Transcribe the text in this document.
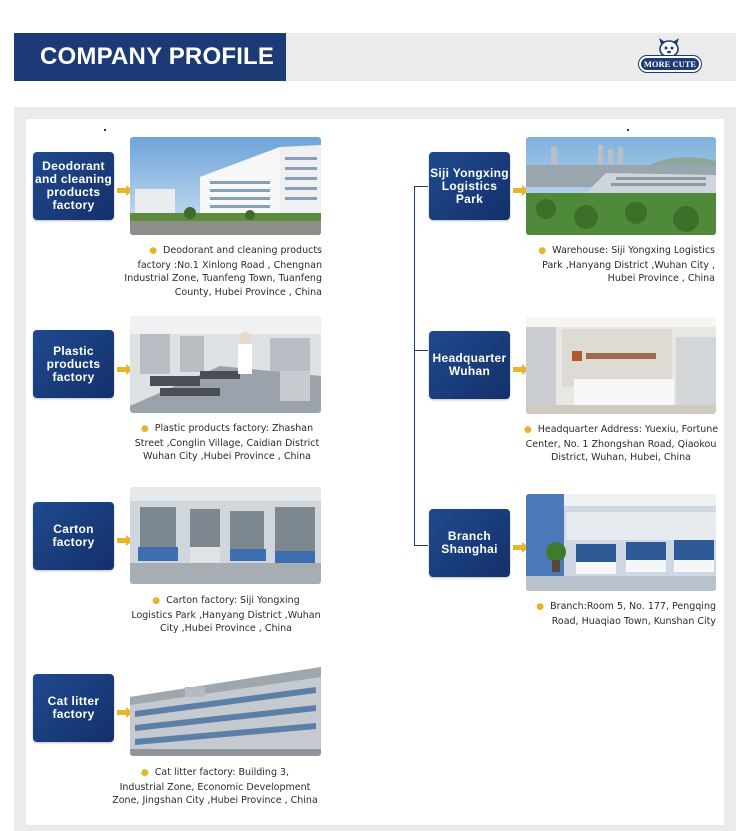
COMPANY PROFILE	MORE CUTE
Deodorant
and cleaning
products
factory
● Deodorant and cleaning products
factory :No.1 Xinlong Road , Chengnan
Industrial Zone, Tuanfeng Town, Tuanfeng
County, Hubei Province , China
Plastic
products
factory
● Plastic products factory: Zhashan
Street ,Conglin Village, Caidian District
Wuhan City ,Hubei Province , China
Carton
factory
● Carton factory: Siji Yongxing
Logistics Park ,Hanyang District ,Wuhan
City ,Hubei Province , China
Cat litter
factory
● Cat litter factory: Building 3,
Industrial Zone, Economic Development
Zone, Jingshan City ,Hubei Province , China
Siji Yongxing
Logistics
Park
● Warehouse: Siji Yongxing Logistics
Park ,Hanyang District ,Wuhan City ,
Hubei Province , China
Headquarter
Wuhan
● Headquarter Address: Yuexiu, Fortune
Center, No. 1 Zhongshan Road, Qiaokou
District, Wuhan, Hubei, China
Branch
Shanghai
● Branch:Room 5, No. 177, Pengqing
Road, Huaqiao Town, Kunshan City
